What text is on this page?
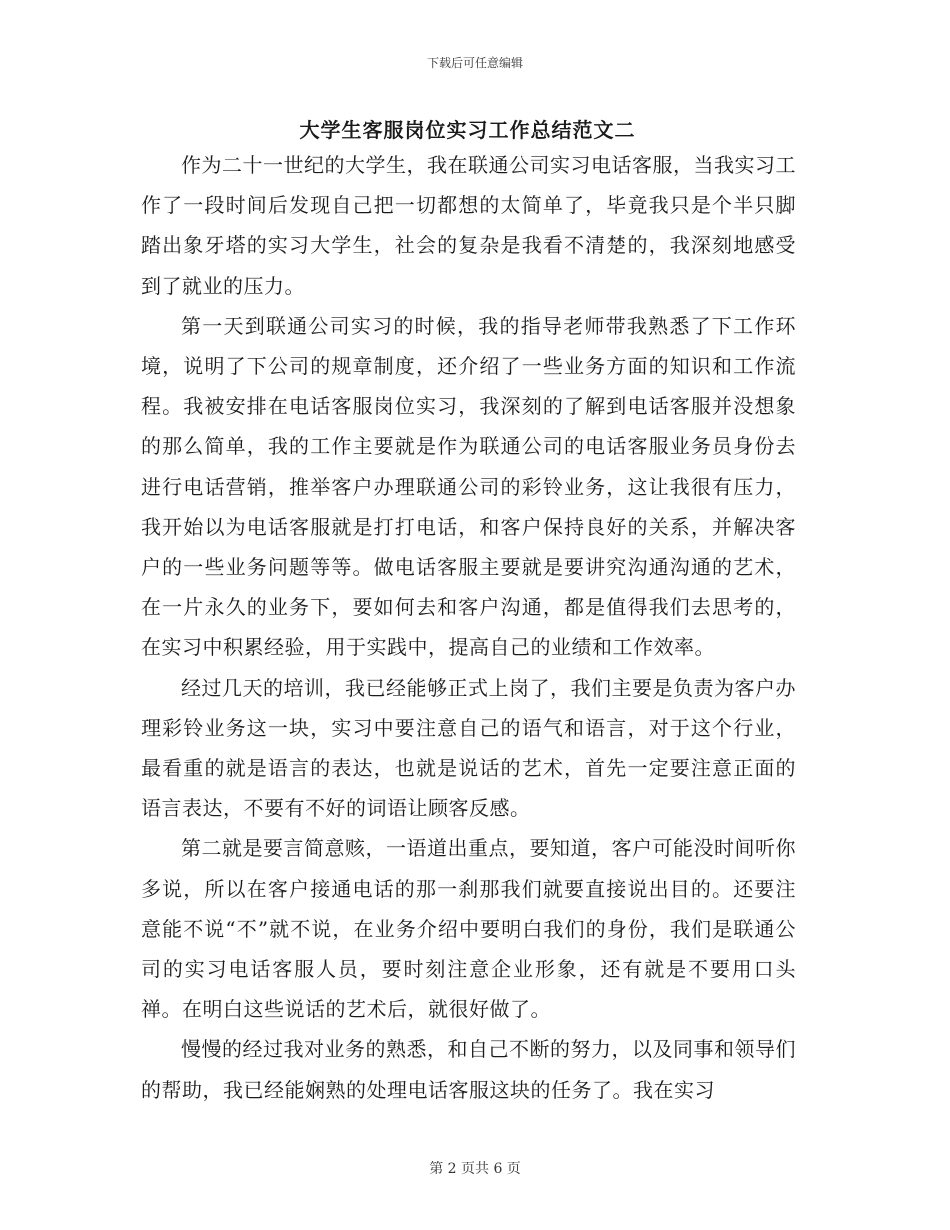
下载后可任意编辑
大学生客服岗位实习工作总结范文二

作为二十一世纪的大学生，我在联通公司实习电话客服，当我实习工作了一段时间后发现自己把一切都想的太简单了，毕竟我只是个半只脚踏出象牙塔的实习大学生，社会的复杂是我看不清楚的，我深刻地感受到了就业的压力。

第一天到联通公司实习的时候，我的指导老师带我熟悉了下工作环境，说明了下公司的规章制度，还介绍了一些业务方面的知识和工作流程。我被安排在电话客服岗位实习，我深刻的了解到电话客服并没想象的那么简单，我的工作主要就是作为联通公司的电话客服业务员身份去进行电话营销，推举客户办理联通公司的彩铃业务，这让我很有压力，我开始以为电话客服就是打打电话，和客户保持良好的关系，并解决客户的一些业务问题等等。做电话客服主要就是要讲究沟通沟通的艺术，在一片永久的业务下，要如何去和客户沟通，都是值得我们去思考的，在实习中积累经验，用于实践中，提高自己的业绩和工作效率。

经过几天的培训，我已经能够正式上岗了，我们主要是负责为客户办理彩铃业务这一块，实习中要注意自己的语气和语言，对于这个行业，最看重的就是语言的表达，也就是说话的艺术，首先一定要注意正面的语言表达，不要有不好的词语让顾客反感。

第二就是要言简意赅，一语道出重点，要知道，客户可能没时间听你多说，所以在客户接通电话的那一刹那我们就要直接说出目的。还要注意能不说“不”就不说，在业务介绍中要明白我们的身份，我们是联通公司的实习电话客服人员，要时刻注意企业形象，还有就是不要用口头禅。在明白这些说话的艺术后，就很好做了。

慢慢的经过我对业务的熟悉，和自己不断的努力，以及同事和领导们的帮助，我已经能娴熟的处理电话客服这块的任务了。我在实习

第 2 页共 6 页
